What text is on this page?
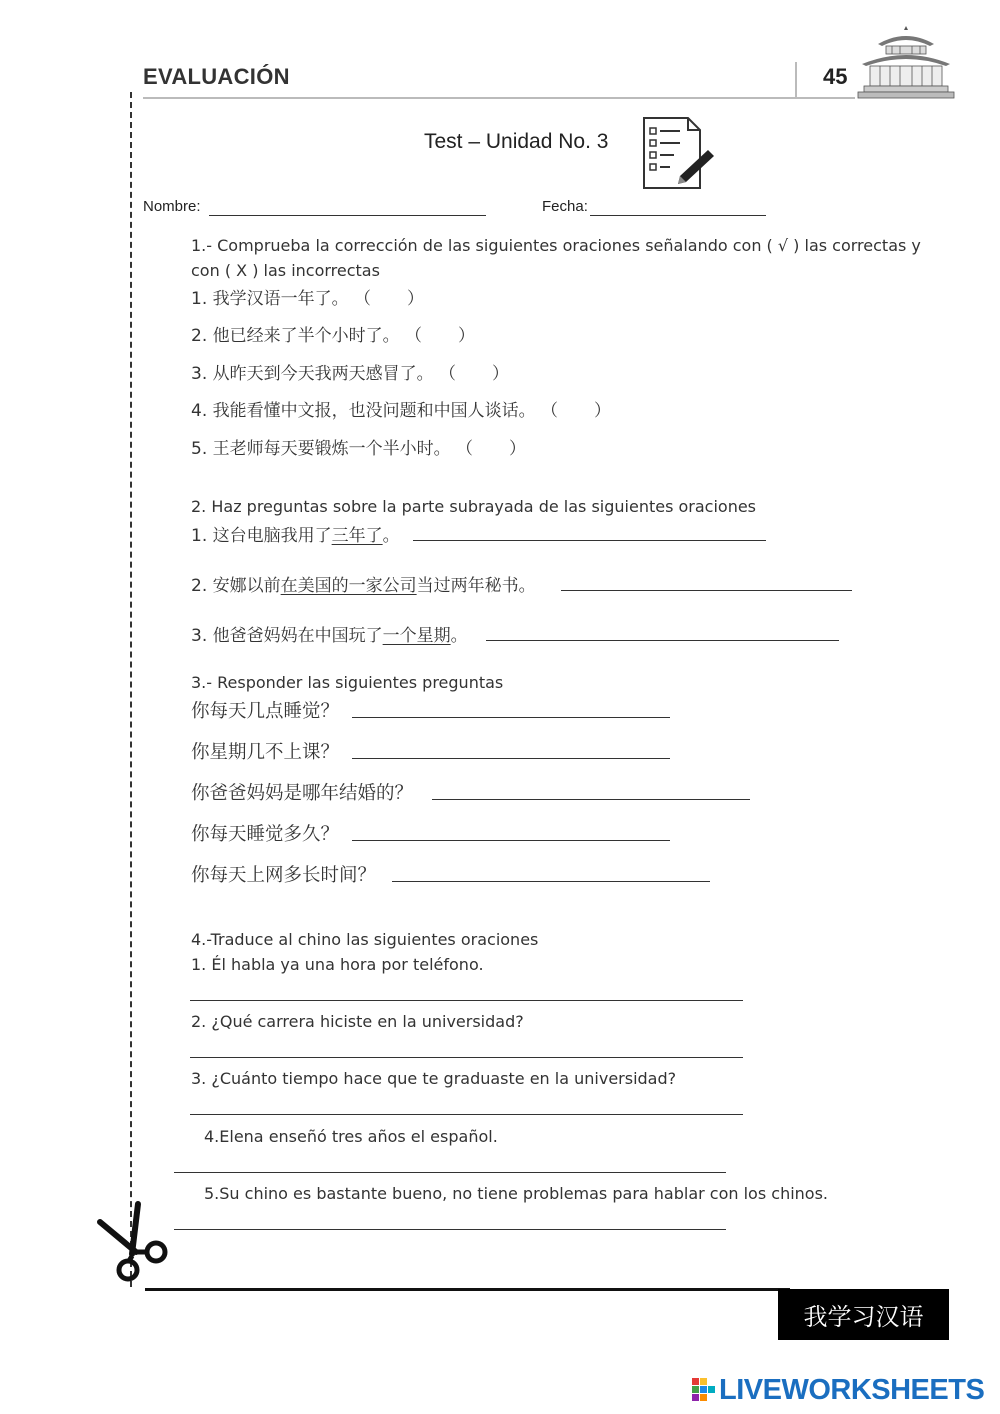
EVALUACIÓN	45
Test – Unidad No. 3
Nombre:	Fecha:
1.- Comprueba la corrección de las siguientes oraciones señalando con ( √ ) las correctas y con ( X ) las incorrectas
1. 我学汉语一年了。 （ ）
2. 他已经来了半个小时了。 （ ）
3. 从昨天到今天我两天感冒了。 （ ）
4. 我能看懂中文报，也没问题和中国人谈话。 （ ）
5. 王老师每天要锻炼一个半小时。 （ ）
2. Haz preguntas sobre la parte subrayada de las siguientes oraciones
1. 这台电脑我用了三年了。
2. 安娜以前在美国的一家公司当过两年秘书。
3. 他爸爸妈妈在中国玩了一个星期。
3.- Responder las siguientes preguntas
你每天几点睡觉？
你星期几不上课？
你爸爸妈妈是哪年结婚的？
你每天睡觉多久？
你每天上网多长时间？
4.-Traduce al chino las siguientes oraciones
1. Él habla ya una hora por teléfono.
2. ¿Qué carrera hiciste en la universidad?
3. ¿Cuánto tiempo hace que te graduaste en la universidad?
4.Elena enseñó tres años el español.
5.Su chino es bastante bueno, no tiene problemas para hablar con los chinos.
我学习汉语
LIVEWORKSHEETS
